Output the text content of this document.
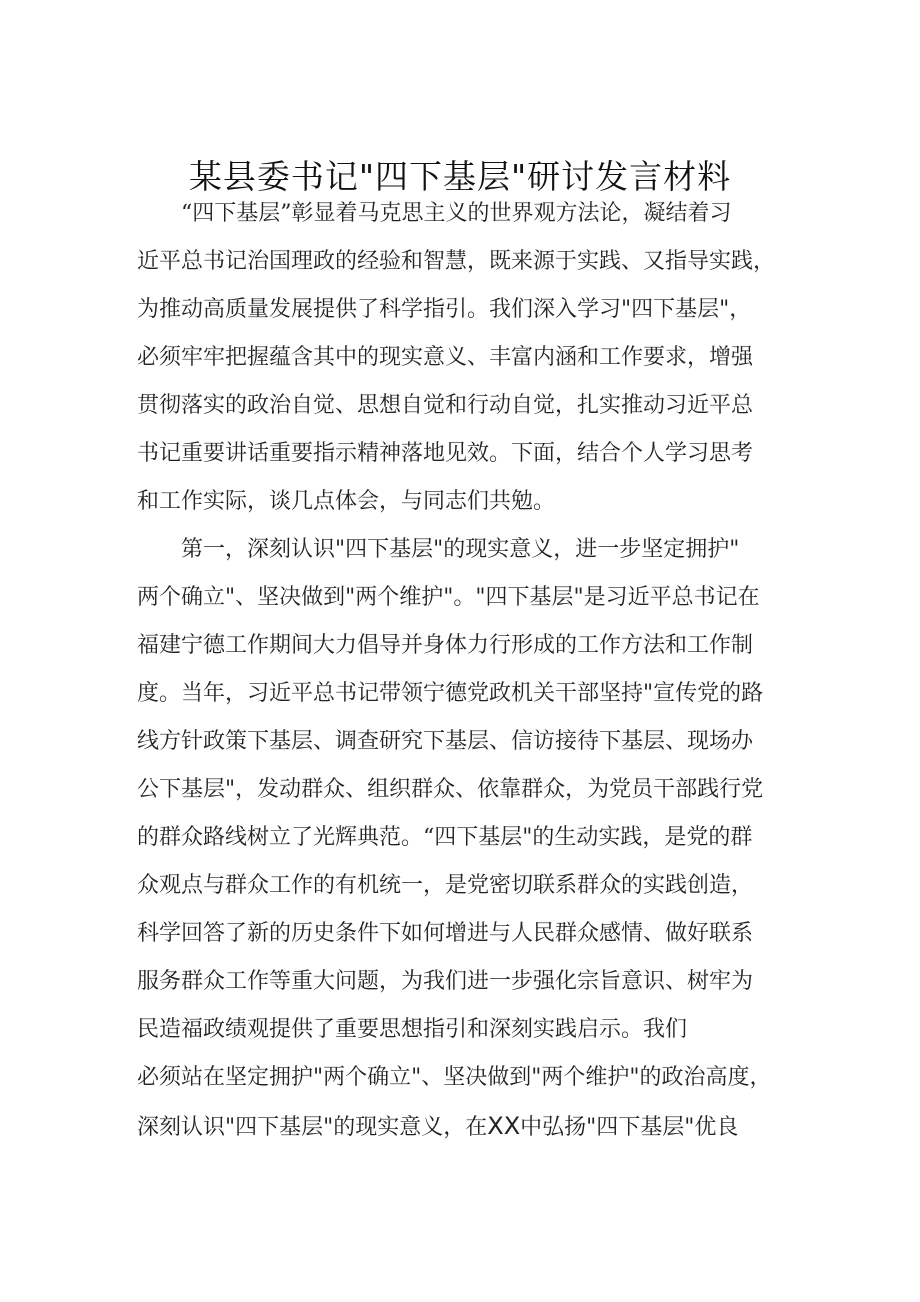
某县委书记"四下基层"研讨发言材料
“四下基层”彰显着马克思主义的世界观方法论，凝结着习
近平总书记治国理政的经验和智慧，既来源于实践、又指导实践，
为推动高质量发展提供了科学指引。我们深入学习"四下基层"，
必须牢牢把握蕴含其中的现实意义、丰富内涵和工作要求，增强
贯彻落实的政治自觉、思想自觉和行动自觉，扎实推动习近平总
书记重要讲话重要指示精神落地见效。下面，结合个人学习思考
和工作实际，谈几点体会，与同志们共勉。
第一，深刻认识"四下基层"的现实意义，进一步坚定拥护"
两个确立"、坚决做到"两个维护"。"四下基层"是习近平总书记在
福建宁德工作期间大力倡导并身体力行形成的工作方法和工作制
度。当年，习近平总书记带领宁德党政机关干部坚持"宣传党的路
线方针政策下基层、调查研究下基层、信访接待下基层、现场办
公下基层"，发动群众、组织群众、依靠群众，为党员干部践行党
的群众路线树立了光辉典范。“四下基层"的生动实践，是党的群
众观点与群众工作的有机统一，是党密切联系群众的实践创造，
科学回答了新的历史条件下如何增进与人民群众感情、做好联系
服务群众工作等重大问题，为我们进一步强化宗旨意识、树牢为
民造福政绩观提供了重要思想指引和深刻实践启示。我们
必须站在坚定拥护"两个确立"、坚决做到"两个维护"的政治高度，
深刻认识"四下基层"的现实意义，在XX中弘扬"四下基层"优良
